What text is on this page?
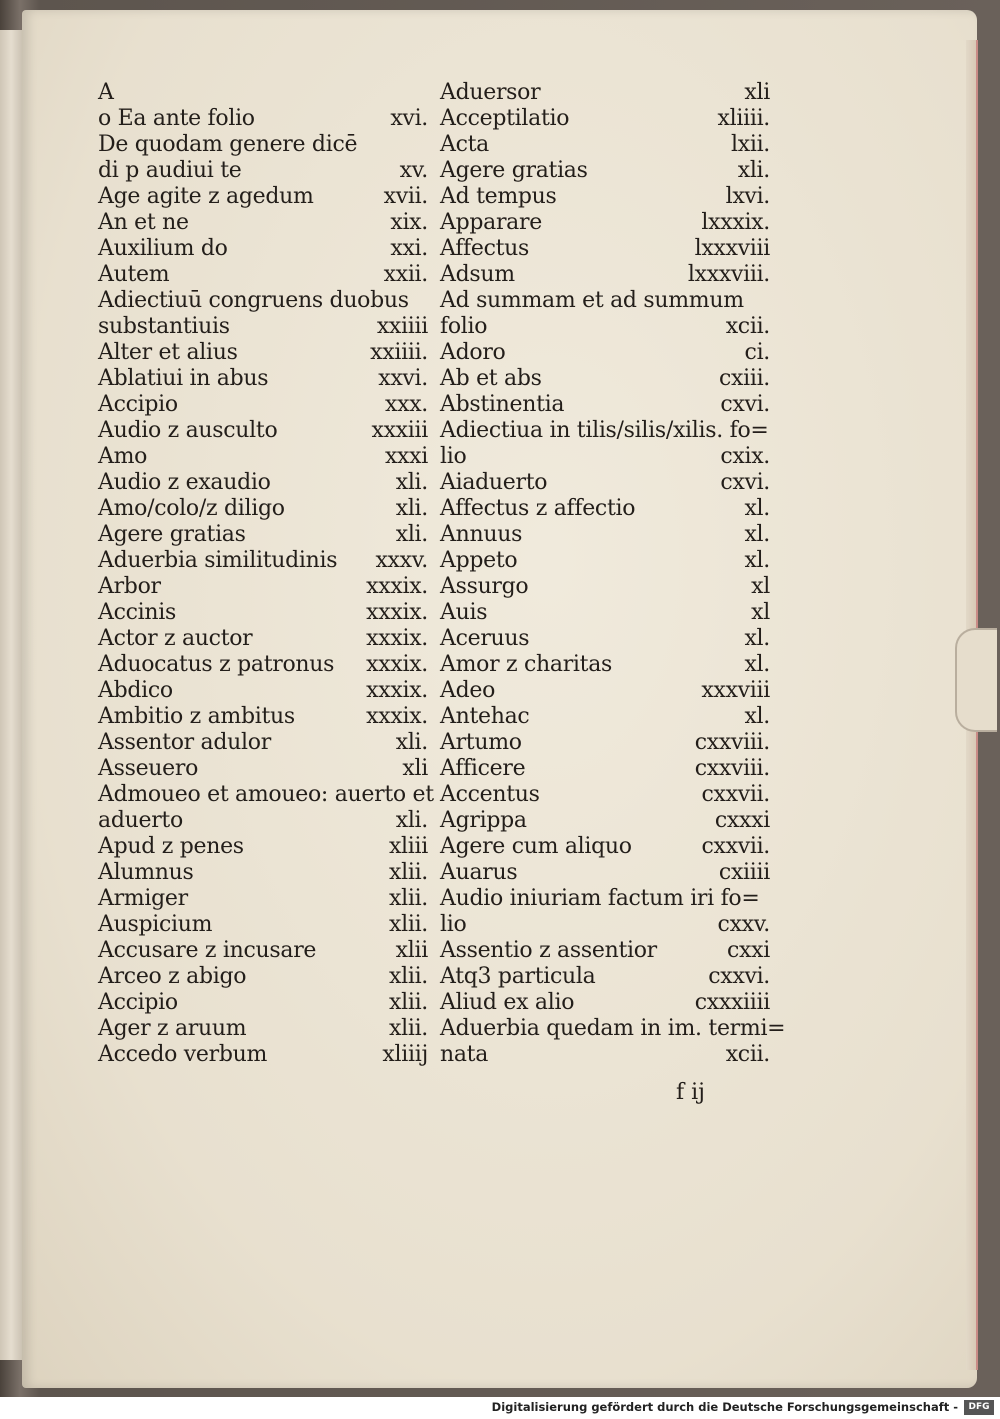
A
o Ea ante folio	xvi.
De quodam genere dicē
di p audiui te	xv.
Age agite z agedum	xvii.
An et ne	xix.
Auxilium do	xxi.
Autem	xxii.
Adiectiuū congruens duobus
substantiuis	xxiiii
Alter et alius	xxiiii.
Ablatiui in abus	xxvi.
Accipio	xxx.
Audio z ausculto	xxxiii
Amo	xxxi
Audio z exaudio	xli.
Amo/colo/z diligo	xli.
Agere gratias	xli.
Aduerbia similitudinis xxxv.
Arbor	xxxix.
Accinis	xxxix.
Actor z auctor	xxxix.
Aduocatus z patronus xxxix.
Abdico	xxxix.
Ambitio z ambitus	xxxix.
Assentor adulor	xli.
Asseuero	xli
Admoueo et amoueo: auerto et
aduerto	xli.
Apud z penes	xliii
Alumnus	xlii.
Armiger	xlii.
Auspicium	xlii.
Accusare z incusare	xlii
Arceo z abigo	xlii.
Accipio	xlii.
Ager z aruum	xlii.
Accedo verbum	xliiij
Aduersor	xli
Acceptilatio	xliiii.
Acta	lxii.
Agere gratias	xli.
Ad tempus	lxvi.
Apparare	lxxxix.
Affectus	lxxxviii
Adsum	lxxxviii.
Ad summam et ad summum
folio	xcii.
Adoro	ci.
Ab et abs	cxiii.
Abstinentia	cxvi.
Adiectiua in tilis/silis/xilis. fo=
lio	cxix.
Aiaduerto	cxvi.
Affectus z affectio	xl.
Annuus	xl.
Appeto	xl.
Assurgo	xl
Auis	xl
Aceruus	xl.
Amor z charitas	xl.
Adeo	xxxviii
Antehac	xl.
Artumo	cxxviii.
Afficere	cxxviii.
Accentus	cxxvii.
Agrippa	cxxxi
Agere cum aliquo	cxxvii.
Auarus	cxiiii
Audio iniuriam factum iri fo=
lio	cxxv.
Assentio z assentior	cxxi
Atq3 particula	cxxvi.
Aliud ex alio	cxxxiiii
Aduerbia quedam in im. termi=
nata	xcii.
f ij
Digitalisierung gefördert durch die Deutsche Forschungsgemeinschaft -	DFG
